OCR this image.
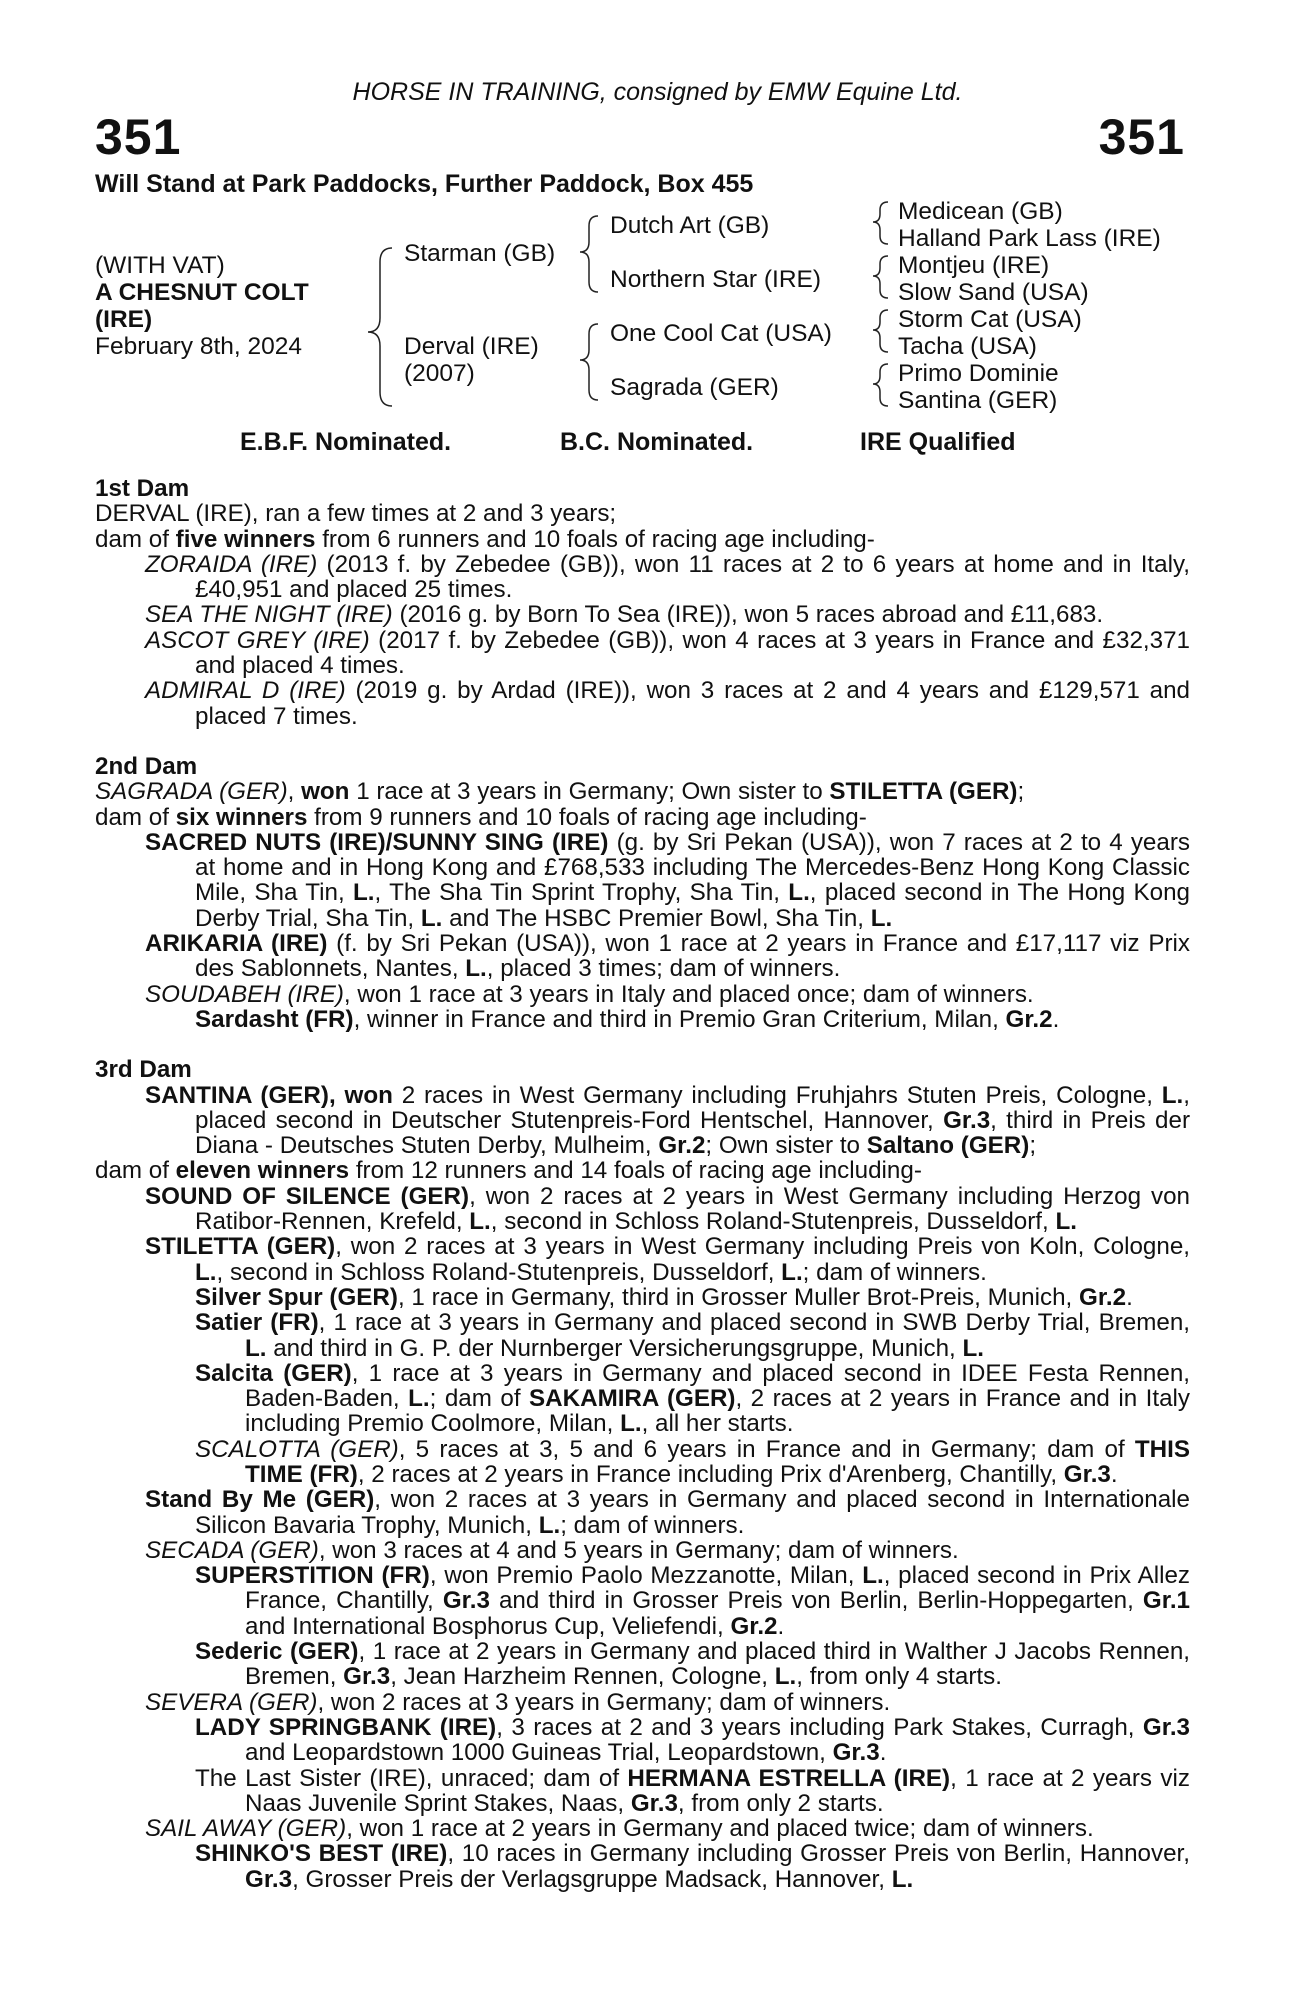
HORSE IN TRAINING, consigned by EMW Equine Ltd.
351	351
Will Stand at Park Paddocks, Further Paddock, Box 455
(WITH VAT)
A CHESNUT COLT
(IRE)
February 8th, 2024
Starman (GB)
Derval (IRE)
(2007)
Dutch Art (GB)
Northern Star (IRE)
One Cool Cat (USA)
Sagrada (GER)
Medicean (GB)
Halland Park Lass (IRE)
Montjeu (IRE)
Slow Sand (USA)
Storm Cat (USA)
Tacha (USA)
Primo Dominie
Santina (GER)
E.B.F. Nominated.	B.C. Nominated.	IRE Qualified
1st Dam
DERVAL (IRE), ran a few times at 2 and 3 years;
dam of five winners from 6 runners and 10 foals of racing age including-
ZORAIDA (IRE) (2013 f. by Zebedee (GB)), won 11 races at 2 to 6 years at home and in Italy, £40,951 and placed 25 times.
SEA THE NIGHT (IRE) (2016 g. by Born To Sea (IRE)), won 5 races abroad and £11,683.
ASCOT GREY (IRE) (2017 f. by Zebedee (GB)), won 4 races at 3 years in France and £32,371 and placed 4 times.
ADMIRAL D (IRE) (2019 g. by Ardad (IRE)), won 3 races at 2 and 4 years and £129,571 and placed 7 times.
2nd Dam
SAGRADA (GER), won 1 race at 3 years in Germany; Own sister to STILETTA (GER);
dam of six winners from 9 runners and 10 foals of racing age including-
SACRED NUTS (IRE)/SUNNY SING (IRE) (g. by Sri Pekan (USA)), won 7 races at 2 to 4 years at home and in Hong Kong and £768,533 including The Mercedes-Benz Hong Kong Classic Mile, Sha Tin, L., The Sha Tin Sprint Trophy, Sha Tin, L., placed second in The Hong Kong Derby Trial, Sha Tin, L. and The HSBC Premier Bowl, Sha Tin, L.
ARIKARIA (IRE) (f. by Sri Pekan (USA)), won 1 race at 2 years in France and £17,117 viz Prix des Sablonnets, Nantes, L., placed 3 times; dam of winners.
SOUDABEH (IRE), won 1 race at 3 years in Italy and placed once; dam of winners.
Sardasht (FR), winner in France and third in Premio Gran Criterium, Milan, Gr.2.
3rd Dam
SANTINA (GER), won 2 races in West Germany including Fruhjahrs Stuten Preis, Cologne, L., placed second in Deutscher Stutenpreis-Ford Hentschel, Hannover, Gr.3, third in Preis der Diana - Deutsches Stuten Derby, Mulheim, Gr.2; Own sister to Saltano (GER);
dam of eleven winners from 12 runners and 14 foals of racing age including-
SOUND OF SILENCE (GER), won 2 races at 2 years in West Germany including Herzog von Ratibor-Rennen, Krefeld, L., second in Schloss Roland-Stutenpreis, Dusseldorf, L.
STILETTA (GER), won 2 races at 3 years in West Germany including Preis von Koln, Cologne, L., second in Schloss Roland-Stutenpreis, Dusseldorf, L.; dam of winners.
Silver Spur (GER), 1 race in Germany, third in Grosser Muller Brot-Preis, Munich, Gr.2.
Satier (FR), 1 race at 3 years in Germany and placed second in SWB Derby Trial, Bremen, L. and third in G. P. der Nurnberger Versicherungsgruppe, Munich, L.
Salcita (GER), 1 race at 3 years in Germany and placed second in IDEE Festa Rennen, Baden-Baden, L.; dam of SAKAMIRA (GER), 2 races at 2 years in France and in Italy including Premio Coolmore, Milan, L., all her starts.
SCALOTTA (GER), 5 races at 3, 5 and 6 years in France and in Germany; dam of THIS TIME (FR), 2 races at 2 years in France including Prix d'Arenberg, Chantilly, Gr.3.
Stand By Me (GER), won 2 races at 3 years in Germany and placed second in Internationale Silicon Bavaria Trophy, Munich, L.; dam of winners.
SECADA (GER), won 3 races at 4 and 5 years in Germany; dam of winners.
SUPERSTITION (FR), won Premio Paolo Mezzanotte, Milan, L., placed second in Prix Allez France, Chantilly, Gr.3 and third in Grosser Preis von Berlin, Berlin-Hoppegarten, Gr.1 and International Bosphorus Cup, Veliefendi, Gr.2.
Sederic (GER), 1 race at 2 years in Germany and placed third in Walther J Jacobs Rennen, Bremen, Gr.3, Jean Harzheim Rennen, Cologne, L., from only 4 starts.
SEVERA (GER), won 2 races at 3 years in Germany; dam of winners.
LADY SPRINGBANK (IRE), 3 races at 2 and 3 years including Park Stakes, Curragh, Gr.3 and Leopardstown 1000 Guineas Trial, Leopardstown, Gr.3.
The Last Sister (IRE), unraced; dam of HERMANA ESTRELLA (IRE), 1 race at 2 years viz Naas Juvenile Sprint Stakes, Naas, Gr.3, from only 2 starts.
SAIL AWAY (GER), won 1 race at 2 years in Germany and placed twice; dam of winners.
SHINKO'S BEST (IRE), 10 races in Germany including Grosser Preis von Berlin, Hannover, Gr.3, Grosser Preis der Verlagsgruppe Madsack, Hannover, L.
